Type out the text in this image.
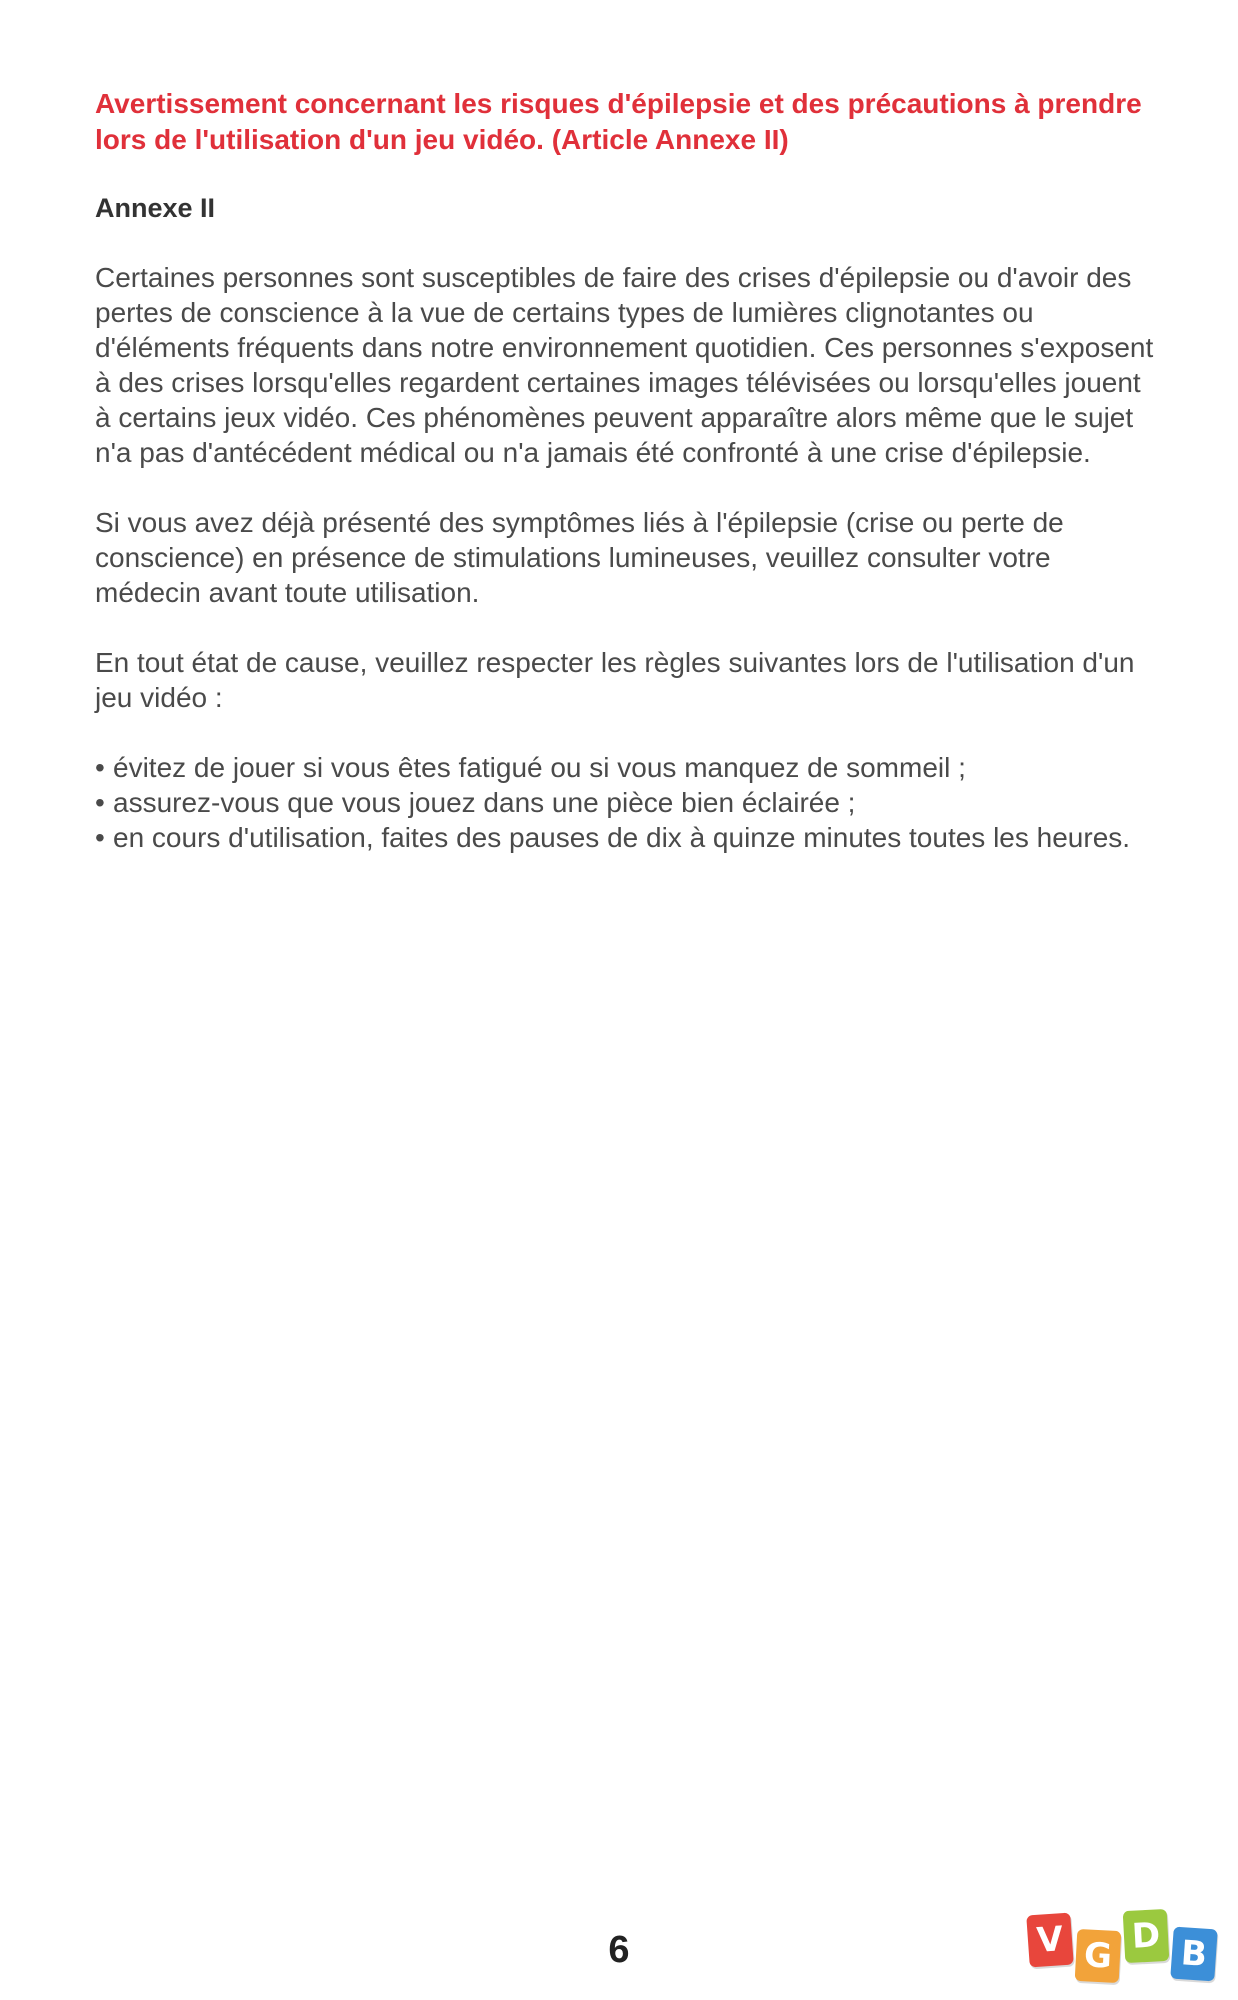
Avertissement concernant les risques d'épilepsie et des précautions à prendre lors de l'utilisation d'un jeu vidéo. (Article Annexe II)

Annexe II

Certaines personnes sont susceptibles de faire des crises d'épilepsie ou d'avoir des pertes de conscience à la vue de certains types de lumières clignotantes ou d'éléments fréquents dans notre environnement quotidien. Ces personnes s'exposent à des crises lorsqu'elles regardent certaines images télévisées ou lorsqu'elles jouent à certains jeux vidéo. Ces phénomènes peuvent apparaître alors même que le sujet n'a pas d'antécédent médical ou n'a jamais été confronté à une crise d'épilepsie.

Si vous avez déjà présenté des symptômes liés à l'épilepsie (crise ou perte de conscience) en présence de stimulations lumineuses, veuillez consulter votre médecin avant toute utilisation.

En tout état de cause, veuillez respecter les règles suivantes lors de l'utilisation d'un jeu vidéo :

• évitez de jouer si vous êtes fatigué ou si vous manquez de sommeil ;
• assurez-vous que vous jouez dans une pièce bien éclairée ;
• en cours d'utilisation, faites des pauses de dix à quinze minutes toutes les heures.
6	V G D B
